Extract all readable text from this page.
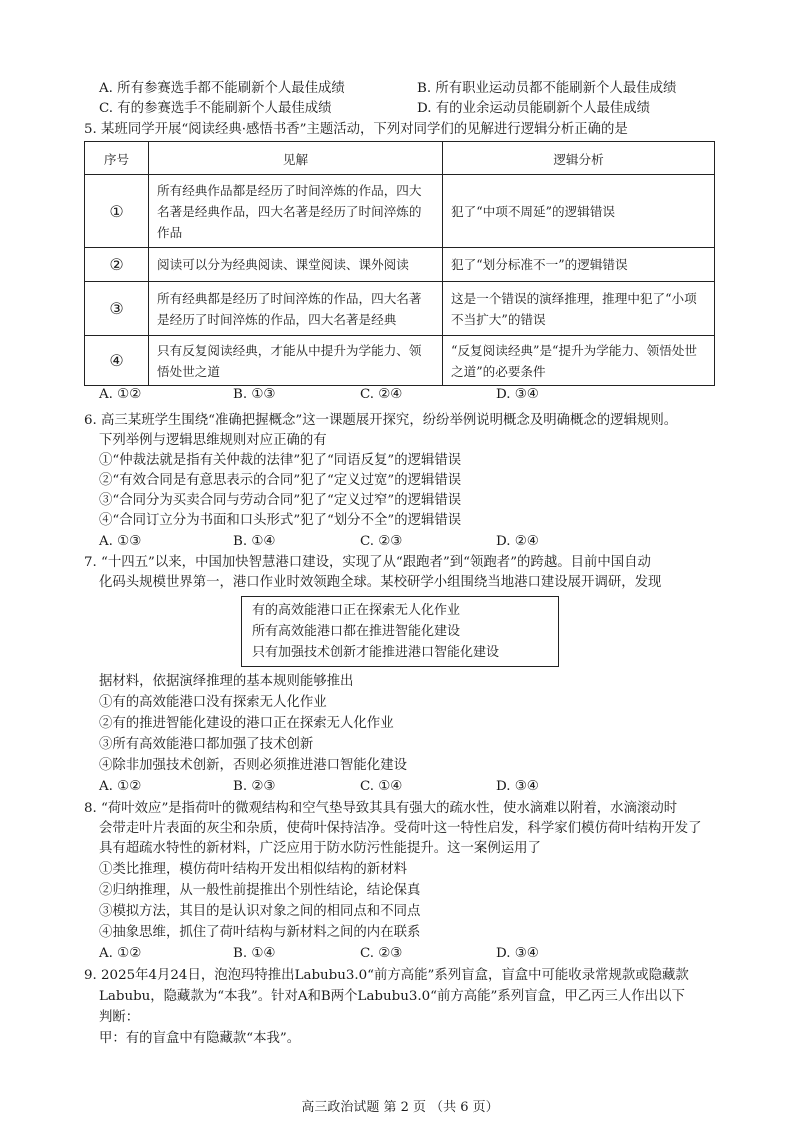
A. 所有参赛选手都不能刷新个人最佳成绩	B. 所有职业运动员都不能刷新个人最佳成绩
C. 有的参赛选手不能刷新个人最佳成绩	D. 有的业余运动员能刷新个人最佳成绩
5. 某班同学开展“阅读经典·感悟书香”主题活动，下列对同学们的见解进行逻辑分析正确的是
序号	见解	逻辑分析
①	所有经典作品都是经历了时间淬炼的作品，四大名著是经典作品，四大名著是经历了时间淬炼的作品	犯了“中项不周延”的逻辑错误
②	阅读可以分为经典阅读、课堂阅读、课外阅读	犯了“划分标准不一”的逻辑错误
③	所有经典都是经历了时间淬炼的作品，四大名著是经历了时间淬炼的作品，四大名著是经典	这是一个错误的演绎推理，推理中犯了“小项不当扩大”的错误
④	只有反复阅读经典，才能从中提升为学能力、领悟处世之道	“反复阅读经典”是“提升为学能力、领悟处世之道”的必要条件
A. ①②	B. ①③	C. ②④	D. ③④
6. 高三某班学生围绕“准确把握概念”这一课题展开探究，纷纷举例说明概念及明确概念的逻辑规则。
下列举例与逻辑思维规则对应正确的有
①“仲裁法就是指有关仲裁的法律”犯了“同语反复”的逻辑错误
②“有效合同是有意思表示的合同”犯了“定义过宽”的逻辑错误
③“合同分为买卖合同与劳动合同”犯了“定义过窄”的逻辑错误
④“合同订立分为书面和口头形式”犯了“划分不全”的逻辑错误
A. ①③	B. ①④	C. ②③	D. ②④
7. “十四五”以来，中国加快智慧港口建设，实现了从“跟跑者”到“领跑者”的跨越。目前中国自动
化码头规模世界第一，港口作业时效领跑全球。某校研学小组围绕当地港口建设展开调研，发现
有的高效能港口正在探索无人化作业
所有高效能港口都在推进智能化建设
只有加强技术创新才能推进港口智能化建设
据材料，依据演绎推理的基本规则能够推出
①有的高效能港口没有探索无人化作业
②有的推进智能化建设的港口正在探索无人化作业
③所有高效能港口都加强了技术创新
④除非加强技术创新，否则必须推进港口智能化建设
A. ①②	B. ②③	C. ①④	D. ③④
8. “荷叶效应”是指荷叶的微观结构和空气垫导致其具有强大的疏水性，使水滴难以附着，水滴滚动时
会带走叶片表面的灰尘和杂质，使荷叶保持洁净。受荷叶这一特性启发，科学家们模仿荷叶结构开发了
具有超疏水特性的新材料，广泛应用于防水防污性能提升。这一案例运用了
①类比推理，模仿荷叶结构开发出相似结构的新材料
②归纳推理，从一般性前提推出个别性结论，结论保真
③模拟方法，其目的是认识对象之间的相同点和不同点
④抽象思维，抓住了荷叶结构与新材料之间的内在联系
A. ①②	B. ①④	C. ②③	D. ③④
9. 2025年4月24日，泡泡玛特推出Labubu3.0“前方高能”系列盲盒，盲盒中可能收录常规款或隐藏款
Labubu，隐藏款为“本我”。针对A和B两个Labubu3.0“前方高能”系列盲盒，甲乙丙三人作出以下
判断：
甲：有的盲盒中有隐藏款“本我”。
高三政治试题 第 2 页 （共 6 页）
